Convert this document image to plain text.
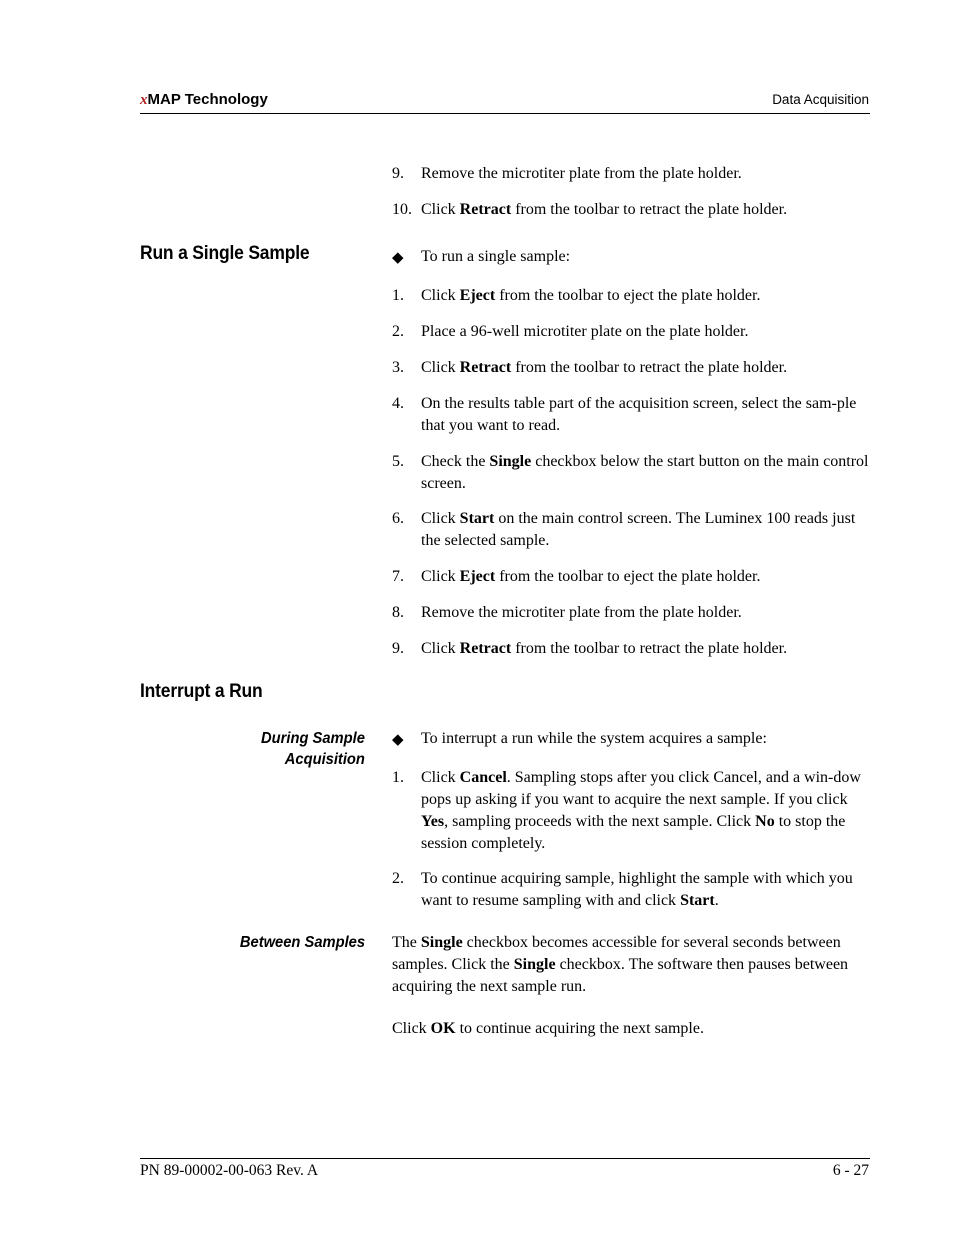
xMAP Technology	Data Acquisition
9. Remove the microtiter plate from the plate holder.
10. Click Retract from the toolbar to retract the plate holder.
Run a Single Sample	◆ To run a single sample:
1. Click Eject from the toolbar to eject the plate holder.
2. Place a 96-well microtiter plate on the plate holder.
3. Click Retract from the toolbar to retract the plate holder.
4. On the results table part of the acquisition screen, select the sam-ple that you want to read.
5. Check the Single checkbox below the start button on the main control screen.
6. Click Start on the main control screen. The Luminex 100 reads just the selected sample.
7. Click Eject from the toolbar to eject the plate holder.
8. Remove the microtiter plate from the plate holder.
9. Click Retract from the toolbar to retract the plate holder.
Interrupt a Run
During Sample
Acquisition
◆ To interrupt a run while the system acquires a sample:
1. Click Cancel. Sampling stops after you click Cancel, and a win-dow pops up asking if you want to acquire the next sample. If you click Yes, sampling proceeds with the next sample. Click No to stop the session completely.
2. To continue acquiring sample, highlight the sample with which you want to resume sampling with and click Start.
Between Samples The Single checkbox becomes accessible for several seconds between samples. Click the Single checkbox. The software then pauses between acquiring the next sample run.
Click OK to continue acquiring the next sample.
PN 89-00002-00-063 Rev. A	6 - 27
